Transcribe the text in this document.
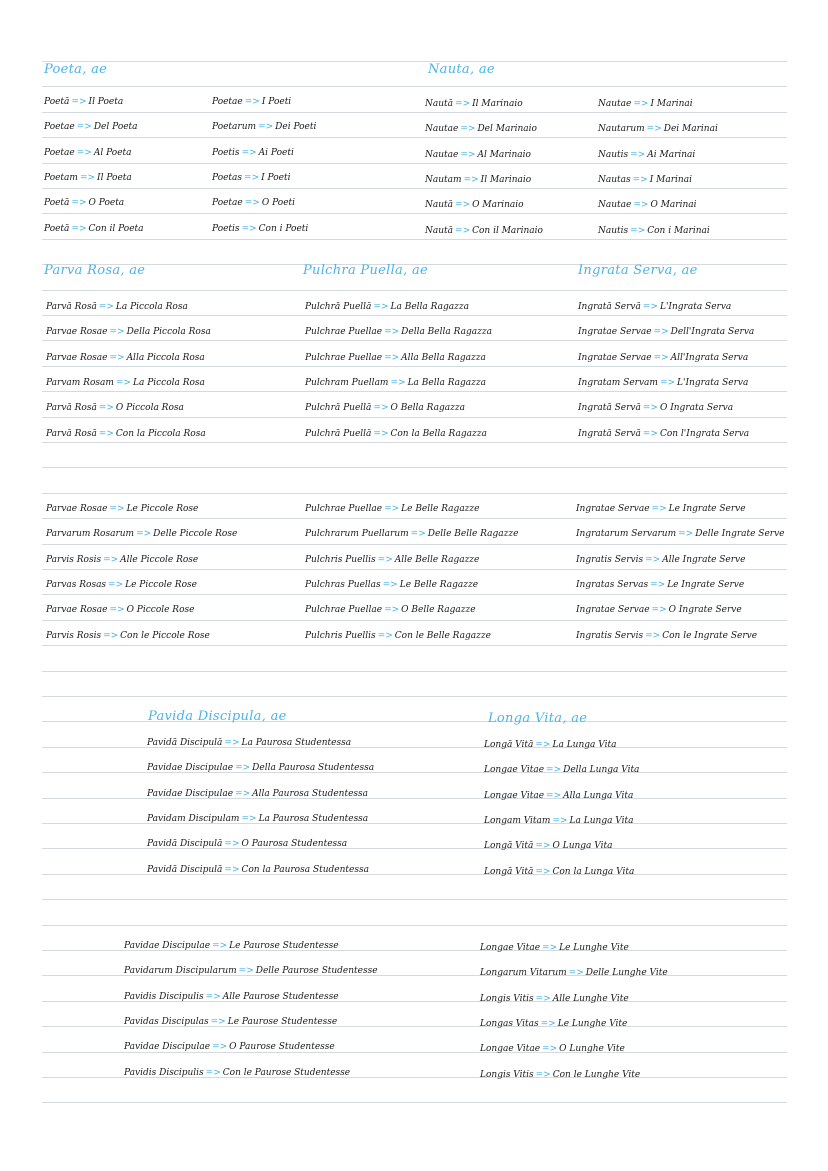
Poeta, ae
Poetā => Il Poeta
Poetae => Del Poeta
Poetae => Al Poeta
Poetam => Il Poeta
Poetā => O Poeta
Poetā => Con il Poeta
Poetae => I Poeti
Poetarum => Dei Poeti
Poetis => Ai Poeti
Poetas => I Poeti
Poetae => O Poeti
Poetis => Con i Poeti
Nauta, ae
Nautā => Il Marinaio
Nautae => Del Marinaio
Nautae => Al Marinaio
Nautam => Il Marinaio
Nautā => O Marinaio
Nautā => Con il Marinaio
Nautae => I Marinai
Nautarum => Dei Marinai
Nautis => Ai Marinai
Nautas => I Marinai
Nautae => O Marinai
Nautis => Con i Marinai
Parva Rosa, ae
Parvā Rosā => La Piccola Rosa
Parvae Rosae => Della Piccola Rosa
Parvae Rosae => Alla Piccola Rosa
Parvam Rosam => La Piccola Rosa
Parvā Rosā => O Piccola Rosa
Parvā Rosā => Con la Piccola Rosa
Parvae Rosae => Le Piccole Rose
Parvarum Rosarum => Delle Piccole Rose
Parvis Rosis => Alle Piccole Rose
Parvas Rosas => Le Piccole Rose
Parvae Rosae => O Piccole Rose
Parvis Rosis => Con le Piccole Rose
Pulchra Puella, ae
Pulchră Puellā => La Bella Ragazza
Pulchrae Puellae => Della Bella Ragazza
Pulchrae Puellae => Alla Bella Ragazza
Pulchram Puellam => La Bella Ragazza
Pulchră Puellā => O Bella Ragazza
Pulchrā Puellā => Con la Bella Ragazza
Pulchrae Puellae => Le Belle Ragazze
Pulchrarum Puellarum => Delle Belle Ragazze
Pulchris Puellis => Alle Belle Ragazze
Pulchras Puellas => Le Belle Ragazze
Pulchrae Puellae => O Belle Ragazze
Pulchris Puellis => Con le Belle Ragazze
Ingrata Serva, ae
Ingratā Servā => L'Ingrata Serva
Ingratae Servae => Dell'Ingrata Serva
Ingratae Servae => All'Ingrata Serva
Ingratam Servam => L'Ingrata Serva
Ingratā Servā => O Ingrata Serva
Ingratā Servā => Con l'Ingrata Serva
Ingratae Servae => Le Ingrate Serve
Ingratarum Servarum => Delle Ingrate Serve
Ingratis Servis => Alle Ingrate Serve
Ingratas Servas => Le Ingrate Serve
Ingratae Servae => O Ingrate Serve
Ingratis Servis => Con le Ingrate Serve
Pavida Discipula, ae
Pavidā Discipulā => La Paurosa Studentessa
Pavidae Discipulae => Della Paurosa Studentessa
Pavidae Discipulae => Alla Paurosa Studentessa
Pavidam Discipulam => La Paurosa Studentessa
Pavidā Discipulā => O Paurosa Studentessa
Pavidā Discipulā => Con la Paurosa Studentessa
Pavidae Discipulae => Le Paurose Studentesse
Pavidarum Discipularum => Delle Paurose Studentesse
Pavidis Discipulis => Alle Paurose Studentesse
Pavidas Discipulas => Le Paurose Studentesse
Pavidae Discipulae => O Paurose Studentesse
Pavidis Discipulis => Con le Paurose Studentesse
Longa Vita, ae
Longā Vitā => La Lunga Vita
Longae Vitae => Della Lunga Vita
Longae Vitae => Alla Lunga Vita
Longam Vitam => La Lunga Vita
Longā Vitā => O Lunga Vita
Longā Vitā => Con la Lunga Vita
Longae Vitae => Le Lunghe Vite
Longarum Vitarum => Delle Lunghe Vite
Longis Vitis => Alle Lunghe Vite
Longas Vitas => Le Lunghe Vite
Longae Vitae => O Lunghe Vite
Longis Vitis => Con le Lunghe Vite
